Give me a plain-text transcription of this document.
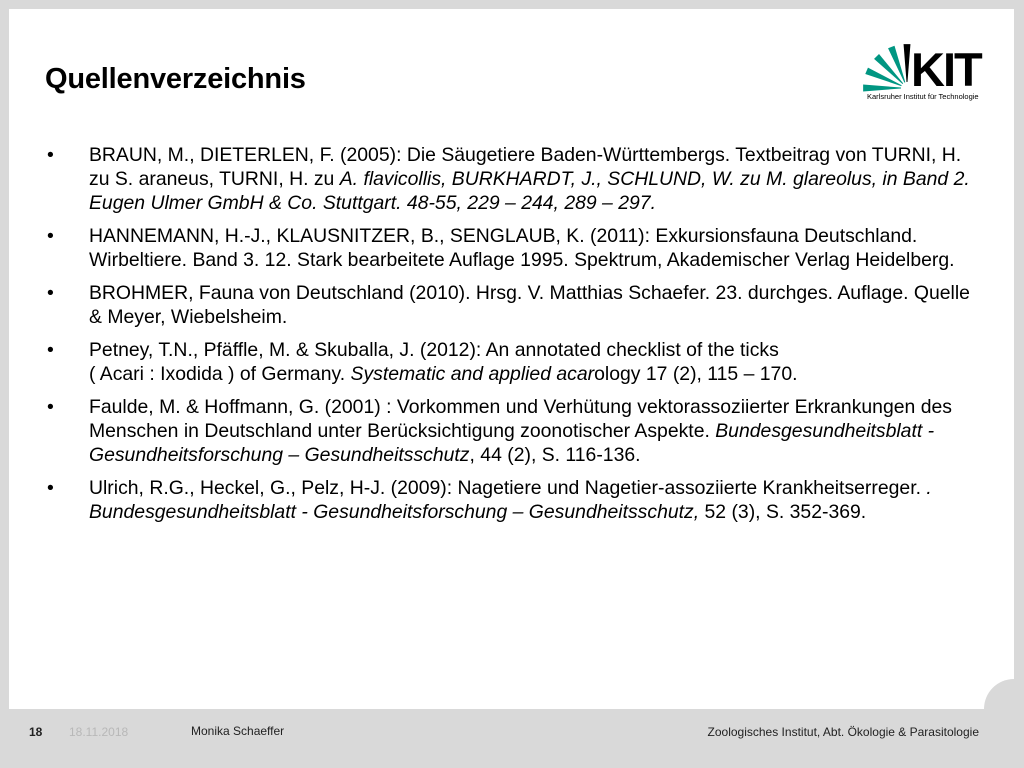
Quellenverzeichnis	KIT
Karlsruher Institut für Technologie
• BRAUN, M., DIETERLEN, F. (2005): Die Säugetiere Baden-Württembergs. Textbeitrag von TURNI, H. zu S. araneus, TURNI, H. zu A. flavicollis, BURKHARDT, J., SCHLUND, W. zu M. glareolus, in Band 2. Eugen Ulmer GmbH & Co. Stuttgart. 48-55, 229 – 244, 289 – 297.
• HANNEMANN, H.-J., KLAUSNITZER, B., SENGLAUB, K. (2011): Exkursionsfauna Deutschland. Wirbeltiere. Band 3. 12. Stark bearbeitete Auflage 1995. Spektrum, Akademischer Verlag Heidelberg.
• BROHMER, Fauna von Deutschland (2010). Hrsg. V. Matthias Schaefer. 23. durchges. Auflage. Quelle & Meyer, Wiebelsheim.
• Petney, T.N., Pfäffle, M. & Skuballa, J. (2012): An annotated checklist of the ticks
( Acari : Ixodida ) of Germany. Systematic and applied acarology 17 (2), 115 – 170.
• Faulde, M. & Hoffmann, G. (2001) : Vorkommen und Verhütung vektorassoziierter Erkrankungen des Menschen in Deutschland unter Berücksichtigung zoonotischer Aspekte. Bundesgesundheitsblatt - Gesundheitsforschung – Gesundheitsschutz, 44 (2), S. 116-136.
• Ulrich, R.G., Heckel, G., Pelz, H-J. (2009): Nagetiere und Nagetier-assoziierte Krankheitserreger. . Bundesgesundheitsblatt - Gesundheitsforschung – Gesundheitsschutz, 52 (3), S. 352-369.
18 18.11.2018	Monika Schaeffer	Zoologisches Institut, Abt. Ökologie & Parasitologie
